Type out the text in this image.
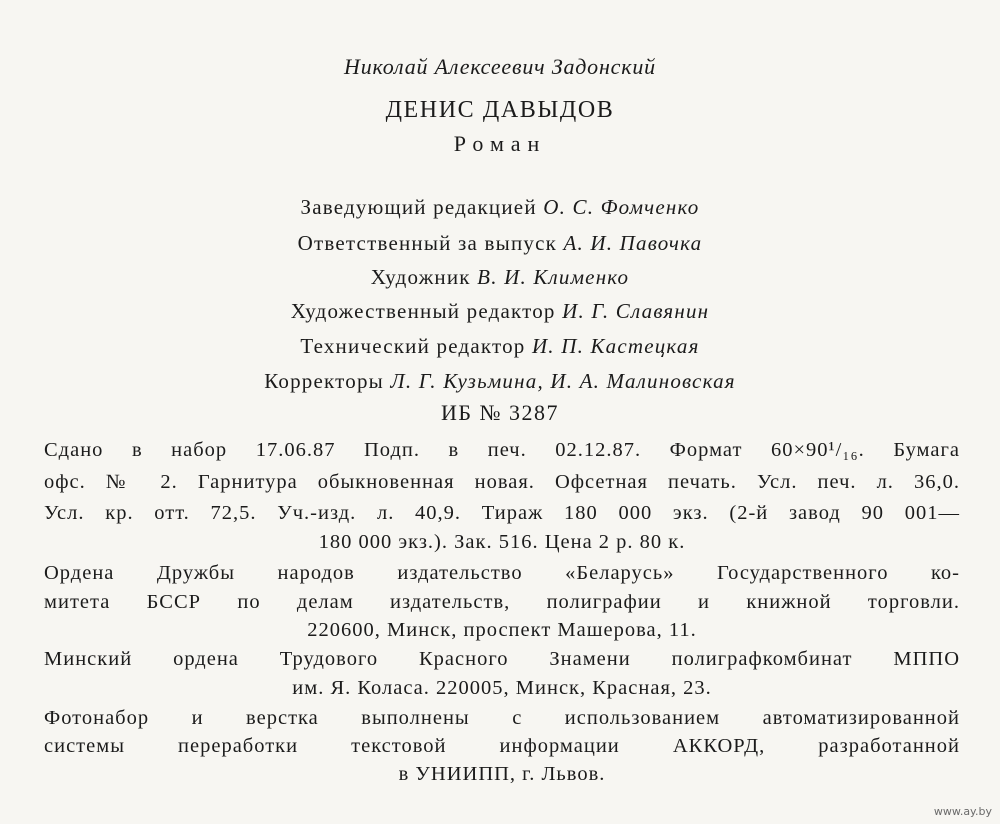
Николай Алексеевич Задонский
ДЕНИС ДАВЫДОВ
Роман
Заведующий редакцией О. С. Фомченко
Ответственный за выпуск А. И. Павочка
Художник В. И. Клименко
Художественный редактор И. Г. Славянин
Технический редактор И. П. Кастецкая
Корректоры Л. Г. Кузьмина, И. А. Малиновская
ИБ № 3287
Сдано в набор 17.06.87 Подп. в печ. 02.12.87. Формат 60×90¹/₁₆. Бумага
офс. № 2. Гарнитура обыкновенная новая. Офсетная печать. Усл. печ. л. 36,0.
Усл. кр. отт. 72,5. Уч.-изд. л. 40,9. Тираж 180 000 экз. (2-й завод 90 001—
180 000 экз.). Зак. 516. Цена 2 р. 80 к.
Ордена Дружбы народов издательство «Беларусь» Государственного ко-
митета БССР по делам издательств, полиграфии и книжной торговли.
220600, Минск, проспект Машерова, 11.
Минский ордена Трудового Красного Знамени полиграфкомбинат МППО
им. Я. Коласа. 220005, Минск, Красная, 23.
Фотонабор и верстка выполнены с использованием автоматизированной
системы переработки текстовой информации АККОРД, разработанной
в УНИИПП, г. Львов.
www.ay.by
